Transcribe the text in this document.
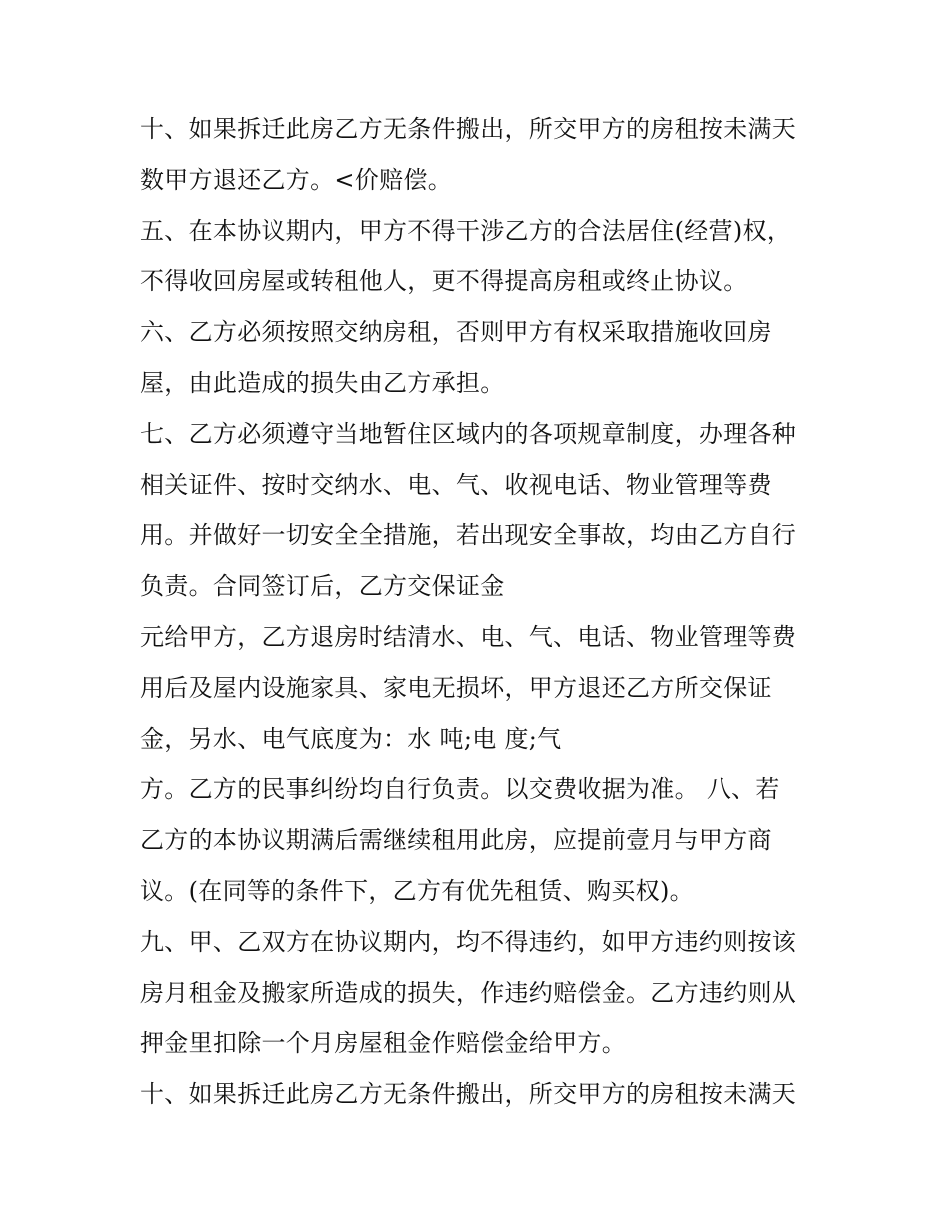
十、如果拆迁此房乙方无条件搬出，所交甲方的房租按未满天
数甲方退还乙方。<价赔偿。
五、在本协议期内，甲方不得干涉乙方的合法居住(经营)权，
不得收回房屋或转租他人，更不得提高房租或终止协议。
六、乙方必须按照交纳房租，否则甲方有权采取措施收回房
屋，由此造成的损失由乙方承担。
七、乙方必须遵守当地暂住区域内的各项规章制度，办理各种
相关证件、按时交纳水、电、气、收视电话、物业管理等费
用。并做好一切安全全措施，若出现安全事故，均由乙方自行
负责。合同签订后，乙方交保证金
元给甲方，乙方退房时结清水、电、气、电话、物业管理等费
用后及屋内设施家具、家电无损坏，甲方退还乙方所交保证
金，另水、电气底度为：水 吨;电 度;气
方。乙方的民事纠纷均自行负责。以交费收据为准。 八、若
乙方的本协议期满后需继续租用此房，应提前壹月与甲方商
议。(在同等的条件下，乙方有优先租赁、购买权)。
九、甲、乙双方在协议期内，均不得违约，如甲方违约则按该
房月租金及搬家所造成的损失，作违约赔偿金。乙方违约则从
押金里扣除一个月房屋租金作赔偿金给甲方。
十、如果拆迁此房乙方无条件搬出，所交甲方的房租按未满天
